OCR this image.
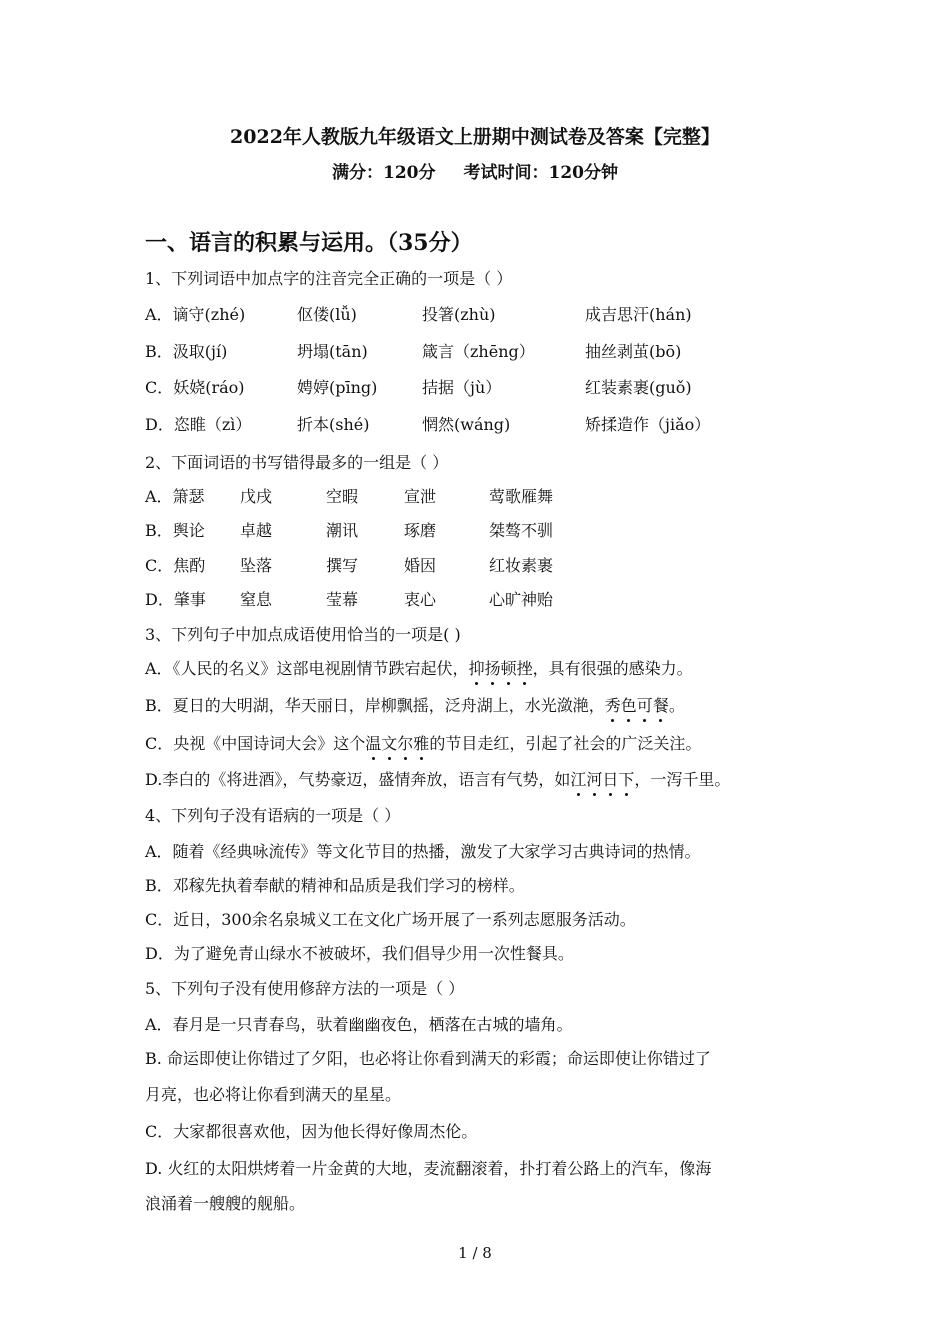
2022年人教版九年级语文上册期中测试卷及答案【完整】
满分：120分 考试时间：120分钟
一、语言的积累与运用。（35分）
1、下列词语中加点字的注音完全正确的一项是（ ）
A．谪守(zhé)	伛偻(lǚ)	投箸(zhù)	成吉思汗(hán)
B．汲取(jí)	坍塌(tān)	箴言（zhēng）	抽丝剥茧(bō)
C．妖娆(ráo)	娉婷(pīng)	拮据（jù）	红装素裹(guǒ)
D．恣睢（zì）	折本(shé)	惘然(wáng)	矫揉造作（jiǎo）
2、下面词语的书写错得最多的一组是（ ）
A．箫瑟 戊戌	空暇	宣泄	莺歌雁舞
B．舆论 卓越	潮讯	琢磨	桀骜不驯
C．焦酌 坠落	撰写	婚因	红妆素裹
D．肇事 窒息	莹幕	衷心	心旷神贻
3、下列句子中加点成语使用恰当的一项是( )
A．《人民的名义》这部电视剧情节跌宕起伏，抑扬顿挫，具有很强的感染力。
B．夏日的大明湖，华天丽日，岸柳飘摇，泛舟湖上，水光潋滟，秀色可餐。
C．央视《中国诗词大会》这个温文尔雅的节目走红，引起了社会的广泛关注。
D.李白的《将进酒》，气势豪迈，盛情奔放，语言有气势，如江河日下，一泻千里。
4、下列句子没有语病的一项是（ ）
A．随着《经典咏流传》等文化节目的热播，激发了大家学习古典诗词的热情。
B．邓稼先执着奉献的精神和品质是我们学习的榜样。
C．近日，300余名泉城义工在文化广场开展了一系列志愿服务活动。
D．为了避免青山绿水不被破坏，我们倡导少用一次性餐具。
5、下列句子没有使用修辞方法的一项是（ ）
A．春月是一只青春鸟，驮着幽幽夜色，栖落在古城的墙角。
B. 命运即使让你错过了夕阳，也必将让你看到满天的彩霞；命运即使让你错过了
月亮，也必将让你看到满天的星星。
C．大家都很喜欢他，因为他长得好像周杰伦。
D. 火红的太阳烘烤着一片金黄的大地，麦流翻滚着，扑打着公路上的汽车，像海
浪涌着一艘艘的舰船。
1 / 8
